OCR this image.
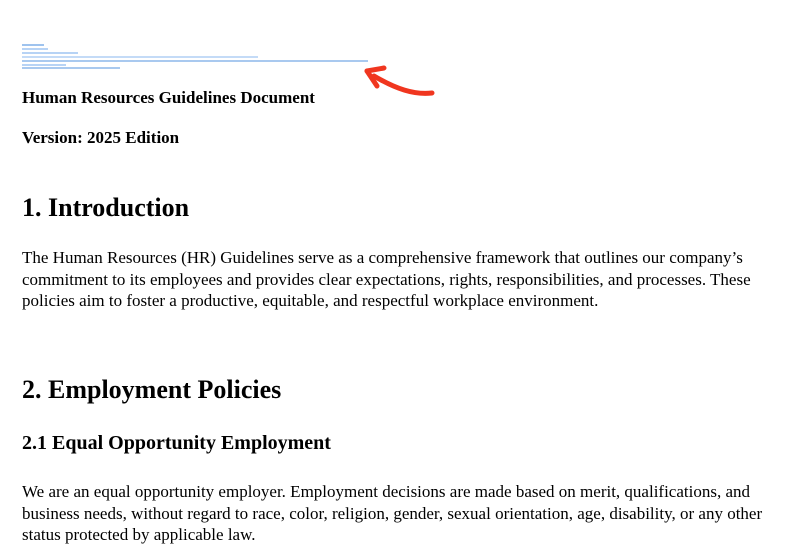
Human Resources Guidelines Document
Version: 2025 Edition
1. Introduction

The Human Resources (HR) Guidelines serve as a comprehensive framework that outlines our company’s commitment to its employees and provides clear expectations, rights, responsibilities, and processes. These policies aim to foster a productive, equitable, and respectful workplace environment.

2. Employment Policies
2.1 Equal Opportunity Employment

We are an equal opportunity employer. Employment decisions are made based on merit, qualifications, and business needs, without regard to race, color, religion, gender, sexual orientation, age, disability, or any other status protected by applicable law.
